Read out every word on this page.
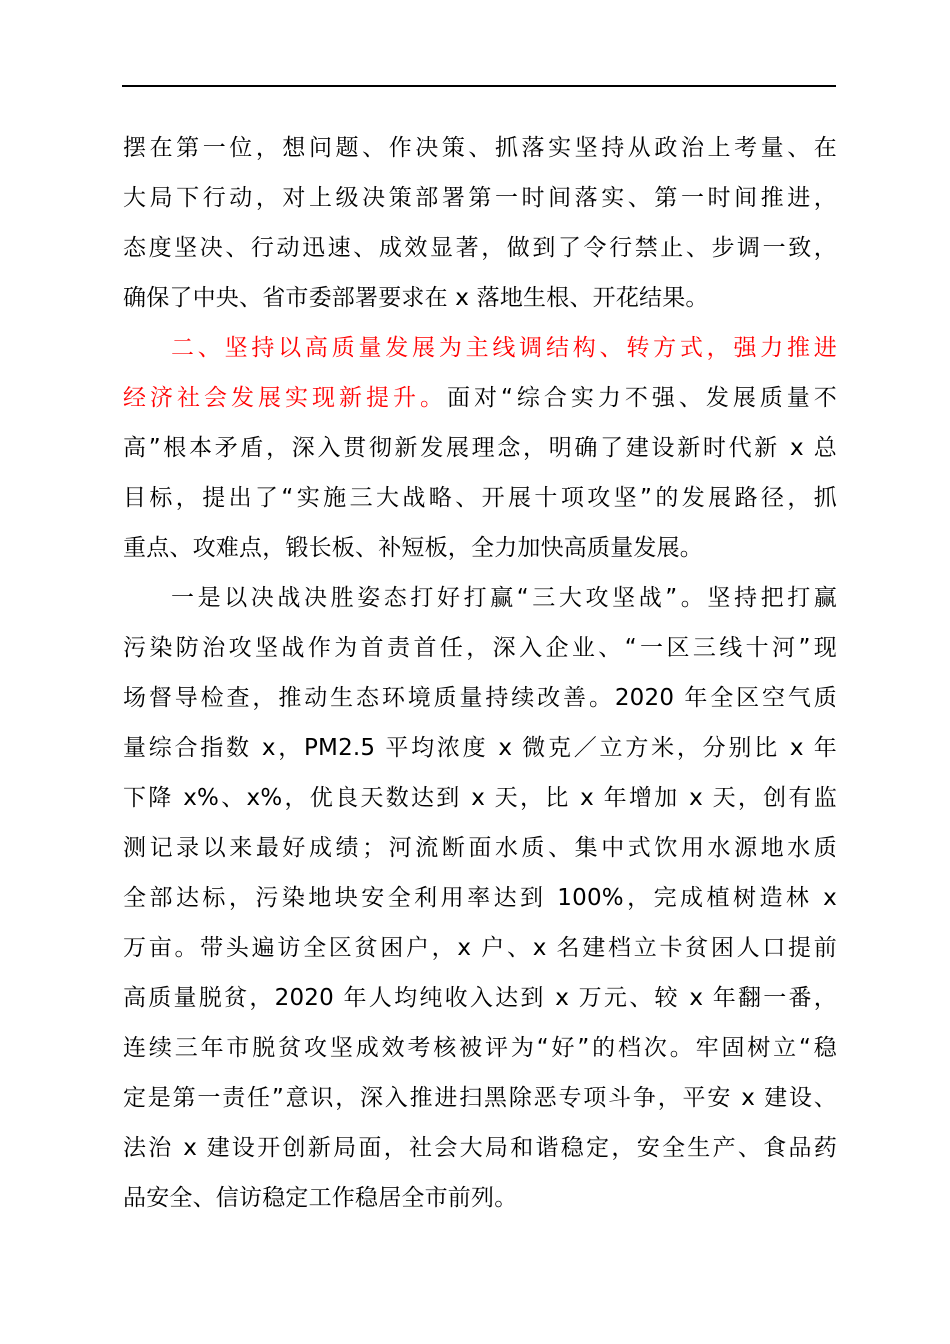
摆在第一位，想问题、作决策、抓落实坚持从政治上考量、在
大局下行动，对上级决策部署第一时间落实、第一时间推进，
态度坚决、行动迅速、成效显著，做到了令行禁止、步调一致，
确保了中央、省市委部署要求在 x 落地生根、开花结果。
二、坚持以高质量发展为主线调结构、转方式，强力推进
经济社会发展实现新提升。面对“综合实力不强、发展质量不
高”根本矛盾，深入贯彻新发展理念，明确了建设新时代新 x 总
目标，提出了“实施三大战略、开展十项攻坚”的发展路径，抓
重点、攻难点，锻长板、补短板，全力加快高质量发展。
一是以决战决胜姿态打好打赢“三大攻坚战”。坚持把打赢
污染防治攻坚战作为首责首任，深入企业、“一区三线十河”现
场督导检查，推动生态环境质量持续改善。2020 年全区空气质
量综合指数 x，PM2.5 平均浓度 x 微克／立方米，分别比 x 年
下降 x%、x%，优良天数达到 x 天，比 x 年增加 x 天，创有监
测记录以来最好成绩；河流断面水质、集中式饮用水源地水质
全部达标，污染地块安全利用率达到 100%，完成植树造林 x
万亩。带头遍访全区贫困户，x 户、x 名建档立卡贫困人口提前
高质量脱贫，2020 年人均纯收入达到 x 万元、较 x 年翻一番，
连续三年市脱贫攻坚成效考核被评为“好”的档次。牢固树立“稳
定是第一责任”意识，深入推进扫黑除恶专项斗争，平安 x 建设、
法治 x 建设开创新局面，社会大局和谐稳定，安全生产、食品药
品安全、信访稳定工作稳居全市前列。
